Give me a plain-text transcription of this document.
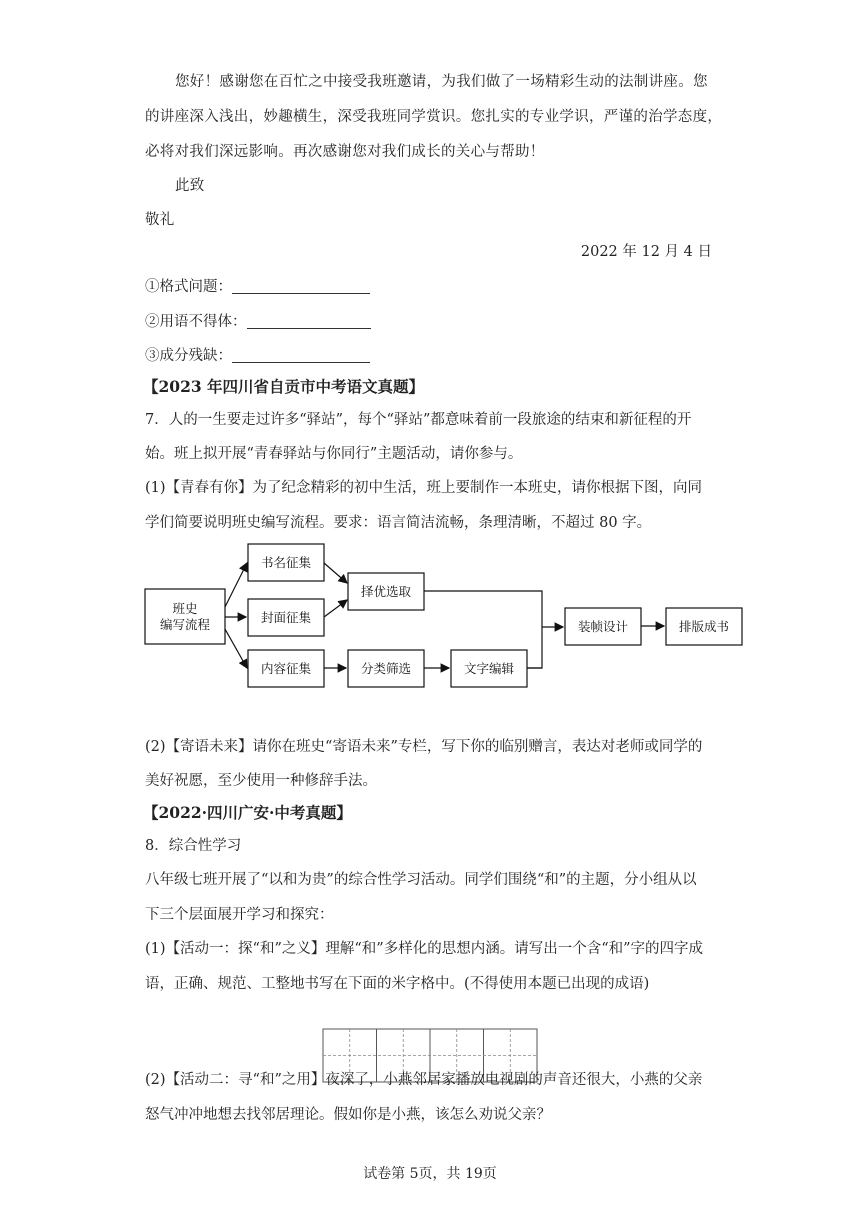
您好！感谢您在百忙之中接受我班邀请，为我们做了一场精彩生动的法制讲座。您
的讲座深入浅出，妙趣横生，深受我班同学赏识。您扎实的专业学识，严谨的治学态度，
必将对我们深远影响。再次感谢您对我们成长的关心与帮助！
此致
敬礼
2022 年 12 月 4 日
①格式问题：
②用语不得体：
③成分残缺：
【2023 年四川省自贡市中考语文真题】
7．人的一生要走过许多“驿站”，每个“驿站”都意味着前一段旅途的结束和新征程的开
始。班上拟开展“青春驿站与你同行”主题活动，请你参与。
(1)【青春有你】为了纪念精彩的初中生活，班上要制作一本班史，请你根据下图，向同
学们简要说明班史编写流程。要求：语言简洁流畅，条理清晰，不超过 80 字。
班史
编写流程
书名征集
封面征集
内容征集
择优选取
分类筛选	文字编辑
装帧设计	排版成书
(2)【寄语未来】请你在班史“寄语未来”专栏，写下你的临别赠言，表达对老师或同学的
美好祝愿，至少使用一种修辞手法。
【2022·四川广安·中考真题】
8．综合性学习
八年级七班开展了“以和为贵”的综合性学习活动。同学们围绕“和”的主题，分小组从以
下三个层面展开学习和探究：
(1)【活动一：探“和”之义】理解“和”多样化的思想内涵。请写出一个含“和”字的四字成
语，正确、规范、工整地书写在下面的米字格中。(不得使用本题已出现的成语)
(2)【活动二：寻“和”之用】夜深了，小燕邻居家播放电视剧的声音还很大，小燕的父亲
怒气冲冲地想去找邻居理论。假如你是小燕，该怎么劝说父亲？
试卷第 5页，共 19页
